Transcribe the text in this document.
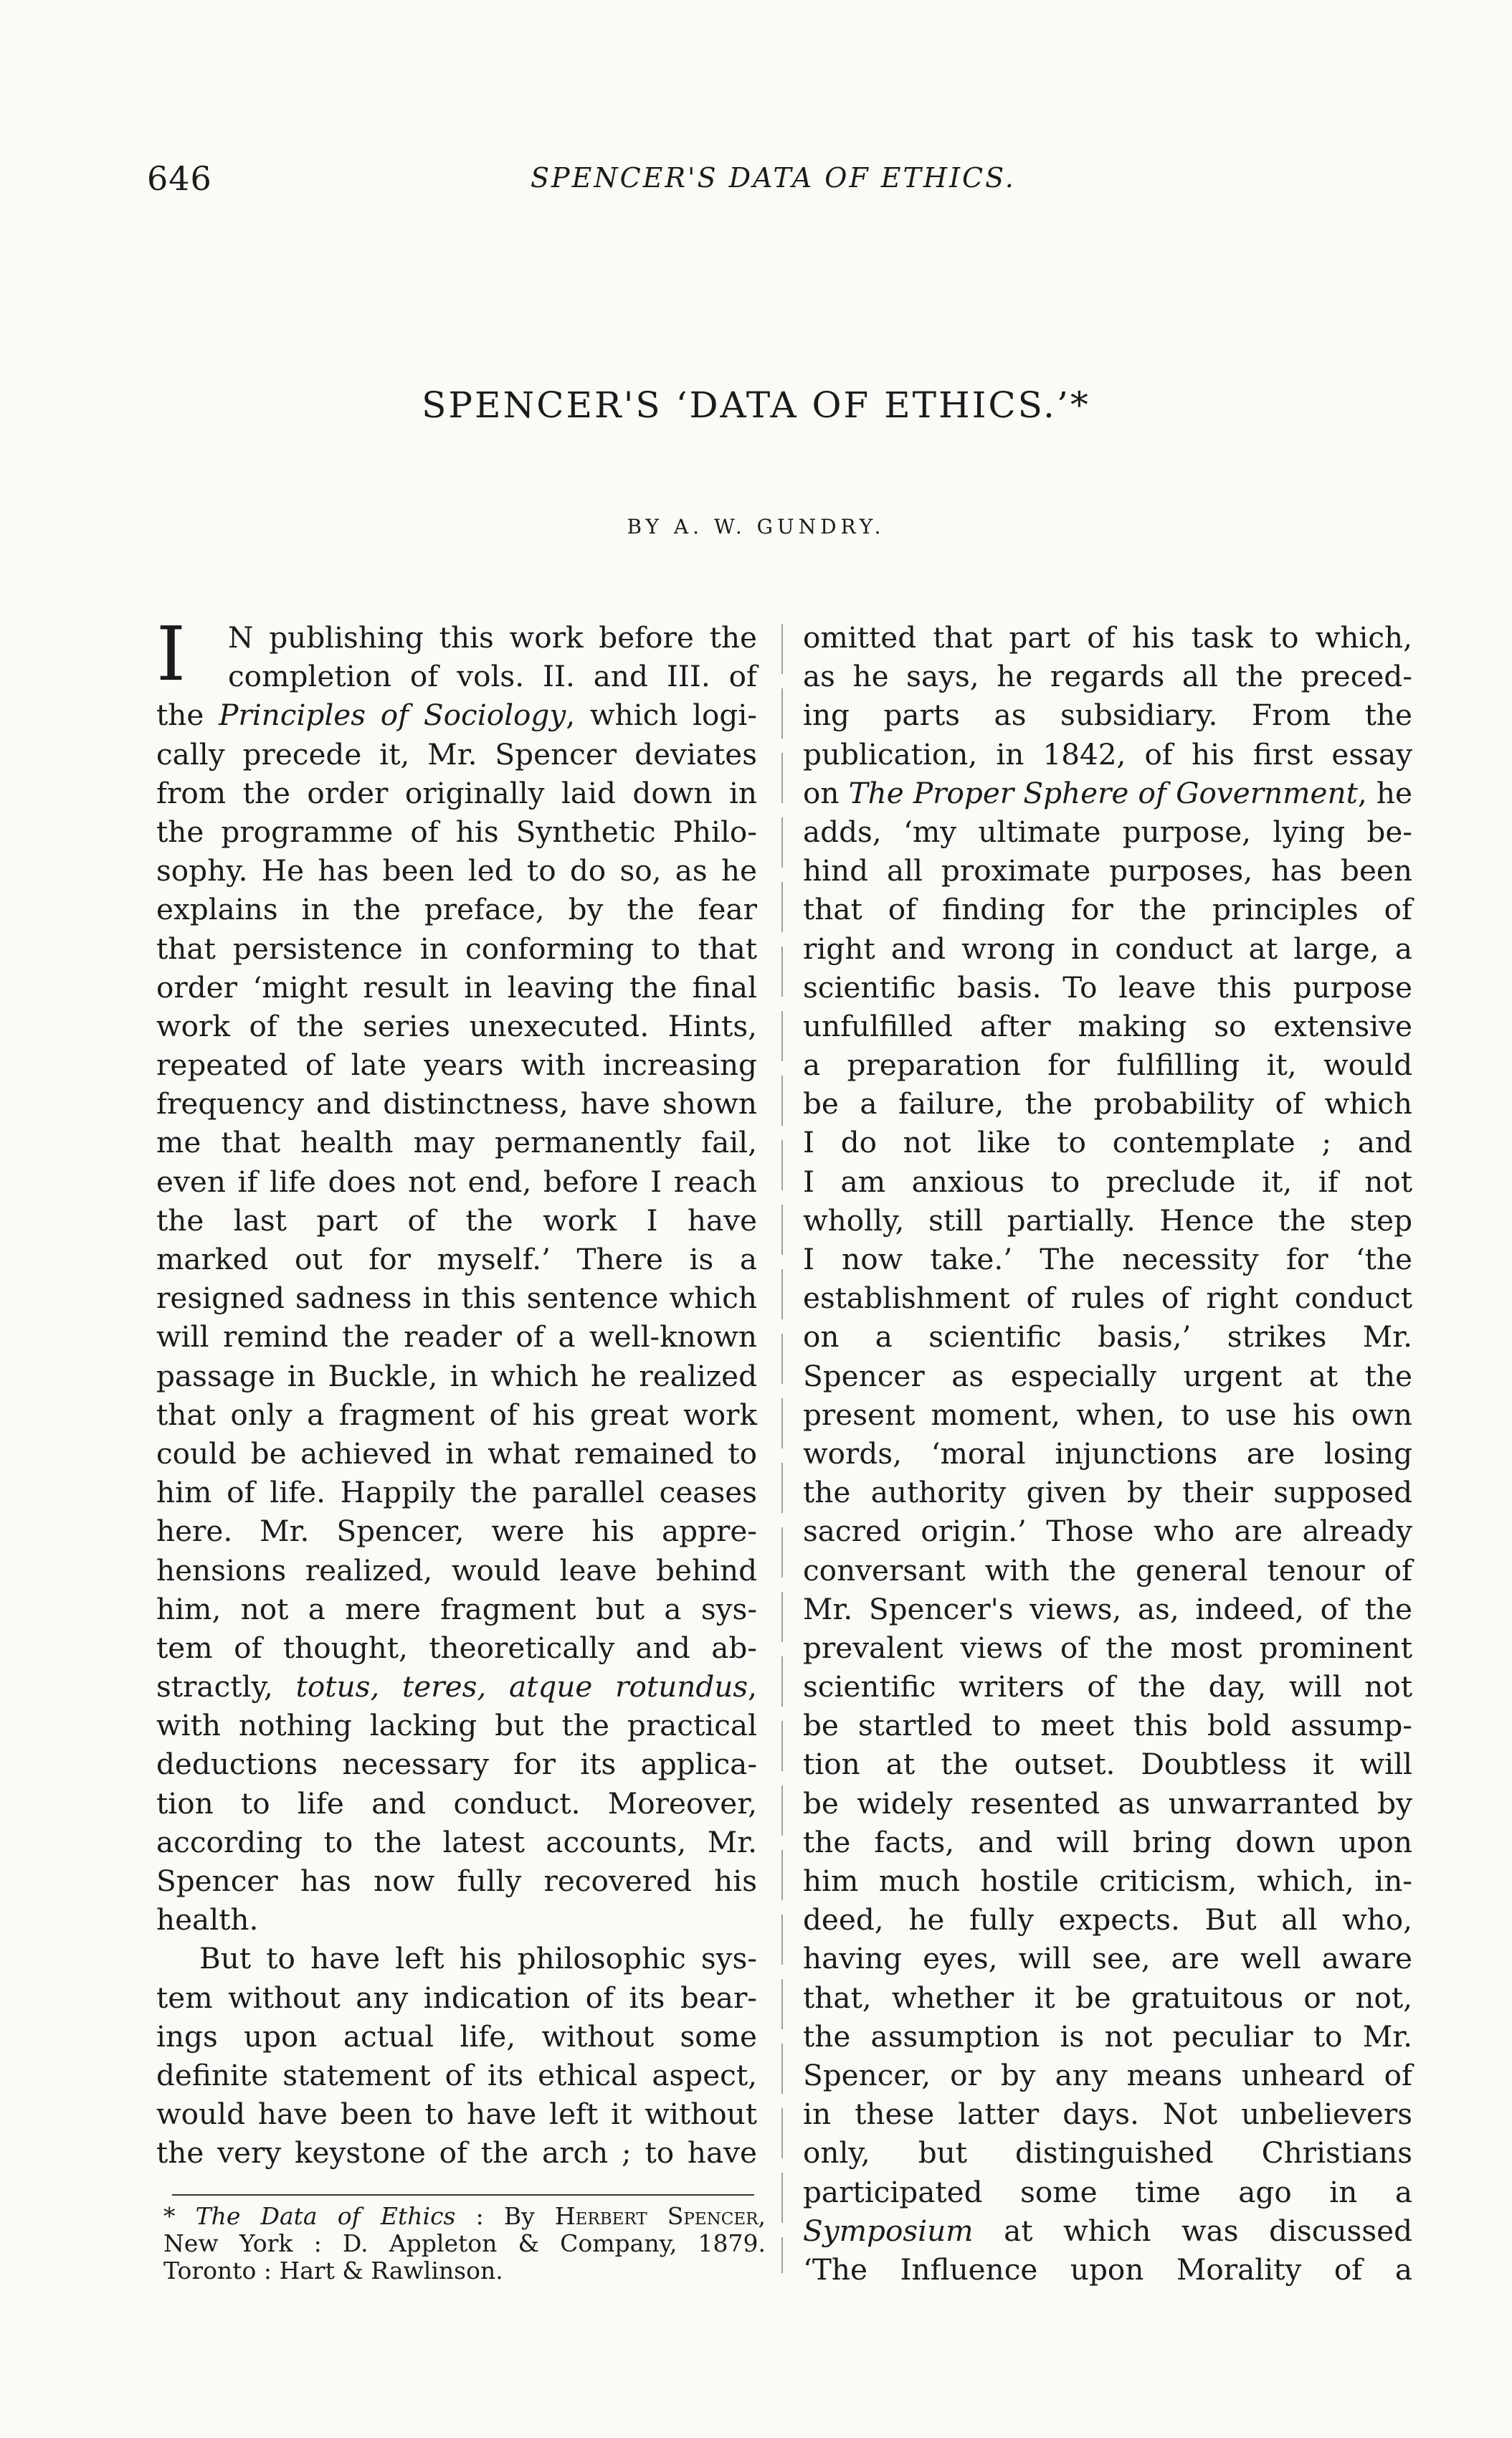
646	SPENCER'S DATA OF ETHICS.
SPENCER'S ‘DATA OF ETHICS.’*
BY A. W. GUNDRY.
I	N publishing this work before the
completion of vols. II. and III. of
the Principles of Sociology, which logi-
cally precede it, Mr. Spencer deviates
from the order originally laid down in
the programme of his Synthetic Philo-
sophy. He has been led to do so, as he
explains in the preface, by the fear
that persistence in conforming to that
order ‘might result in leaving the final
work of the series unexecuted. Hints,
repeated of late years with increasing
frequency and distinctness, have shown
me that health may permanently fail,
even if life does not end, before I reach
the last part of the work I have
marked out for myself.’ There is a
resigned sadness in this sentence which
will remind the reader of a well-known
passage in Buckle, in which he realized
that only a fragment of his great work
could be achieved in what remained to
him of life. Happily the parallel ceases
here. Mr. Spencer, were his appre-
hensions realized, would leave behind
him, not a mere fragment but a sys-
tem of thought, theoretically and ab-
stractly, totus, teres, atque rotundus,
with nothing lacking but the practical
deductions necessary for its applica-
tion to life and conduct. Moreover,
according to the latest accounts, Mr.
Spencer has now fully recovered his
health.
But to have left his philosophic sys-
tem without any indication of its bear-
ings upon actual life, without some
definite statement of its ethical aspect,
would have been to have left it without
the very keystone of the arch ; to have
omitted that part of his task to which,
as he says, he regards all the preced-
ing parts as subsidiary. From the
publication, in 1842, of his first essay
on The Proper Sphere of Government, he
adds, ‘my ultimate purpose, lying be-
hind all proximate purposes, has been
that of finding for the principles of
right and wrong in conduct at large, a
scientific basis. To leave this purpose
unfulfilled after making so extensive
a preparation for fulfilling it, would
be a failure, the probability of which
I do not like to contemplate ; and
I am anxious to preclude it, if not
wholly, still partially. Hence the step
I now take.’ The necessity for ‘the
establishment of rules of right conduct
on a scientific basis,’ strikes Mr.
Spencer as especially urgent at the
present moment, when, to use his own
words, ‘moral injunctions are losing
the authority given by their supposed
sacred origin.’ Those who are already
conversant with the general tenour of
Mr. Spencer's views, as, indeed, of the
prevalent views of the most prominent
scientific writers of the day, will not
be startled to meet this bold assump-
tion at the outset. Doubtless it will
be widely resented as unwarranted by
the facts, and will bring down upon
him much hostile criticism, which, in-
deed, he fully expects. But all who,
having eyes, will see, are well aware
that, whether it be gratuitous or not,
the assumption is not peculiar to Mr.
Spencer, or by any means unheard of
in these latter days. Not unbelievers
only, but distinguished Christians
participated some time ago in a
Symposium at which was discussed
‘The Influence upon Morality of a
* The Data of Ethics : By Herbert Spencer,
New York : D. Appleton & Company, 1879.
Toronto : Hart & Rawlinson.
